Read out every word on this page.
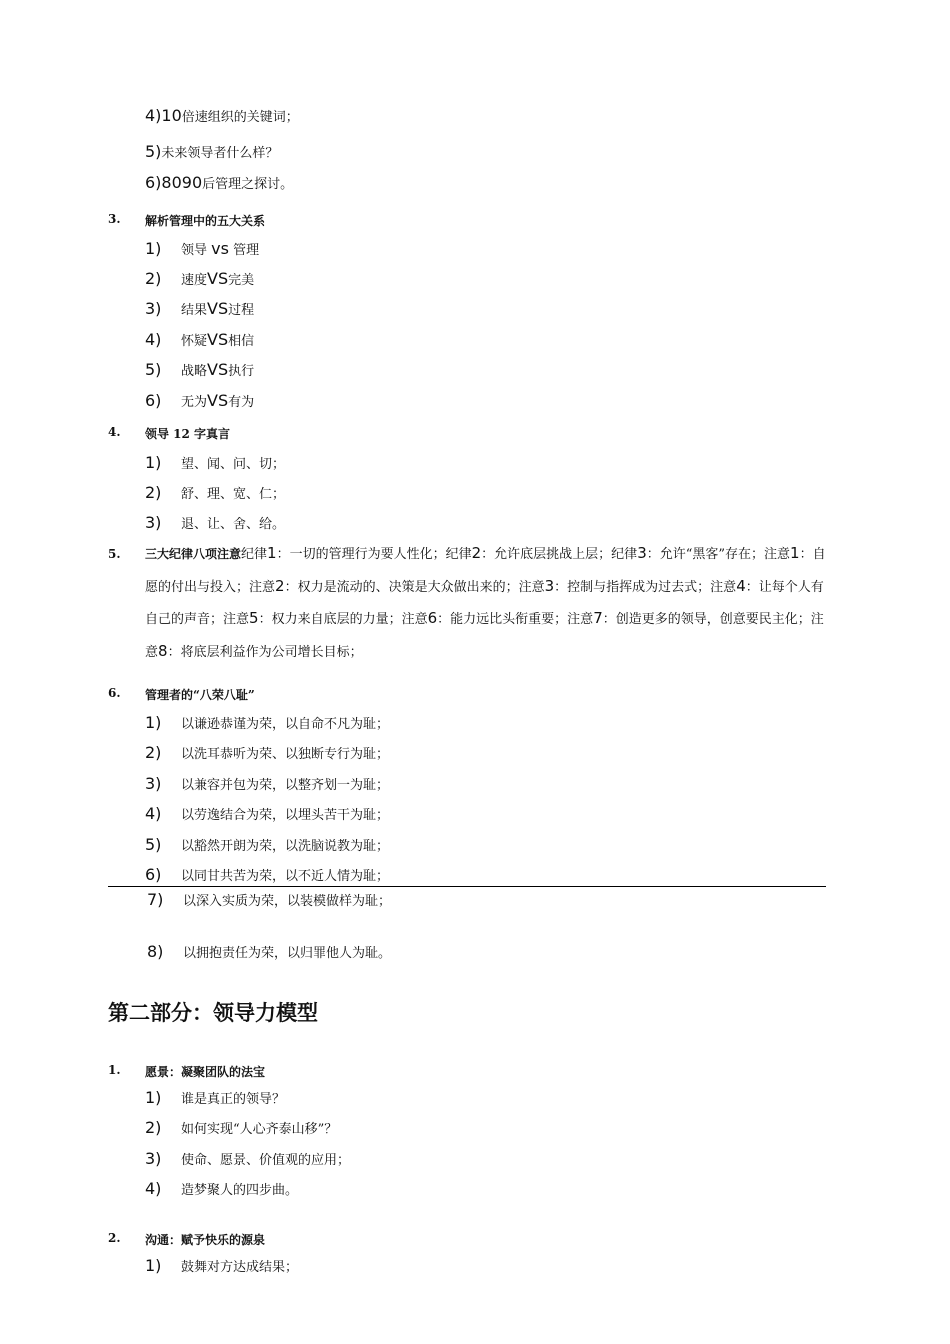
4)10倍速组织的关键词；
5)未来领导者什么样？
6)8090后管理之探讨。
3. 解析管理中的五大关系
1) 领导 vs 管理
2) 速度VS完美
3) 结果VS过程
4) 怀疑VS相信
5) 战略VS执行
6) 无为VS有为
4. 领导 12 字真言
1) 望、闻、问、切；
2) 舒、理、宽、仁；
3) 退、让、舍、给。
5. 三大纪律八项注意纪律1：一切的管理行为要人性化；纪律2：允许底层挑战上层；纪律3：允许“黑客”存在；注意1：自愿的付出与投入；注意2：权力是流动的、决策是大众做出来的；注意3：控制与指挥成为过去式；注意4：让每个人有自己的声音；注意5：权力来自底层的力量；注意6：能力远比头衔重要；注意7：创造更多的领导，创意要民主化；注意8：将底层利益作为公司增长目标；
6. 管理者的“八荣八耻”
1) 以谦逊恭谨为荣，以自命不凡为耻；
2) 以洗耳恭听为荣、以独断专行为耻；
3) 以兼容并包为荣，以整齐划一为耻；
4) 以劳逸结合为荣，以埋头苦干为耻；
5) 以豁然开朗为荣，以洗脑说教为耻；
6) 以同甘共苦为荣，以不近人情为耻；
7) 以深入实质为荣，以装模做样为耻；
8) 以拥抱责任为荣，以归罪他人为耻。
第二部分：领导力模型
1. 愿景：凝聚团队的法宝
1) 谁是真正的领导？
2) 如何实现“人心齐泰山移”？
3) 使命、愿景、价值观的应用；
4) 造梦聚人的四步曲。
2. 沟通：赋予快乐的源泉
1) 鼓舞对方达成结果；
